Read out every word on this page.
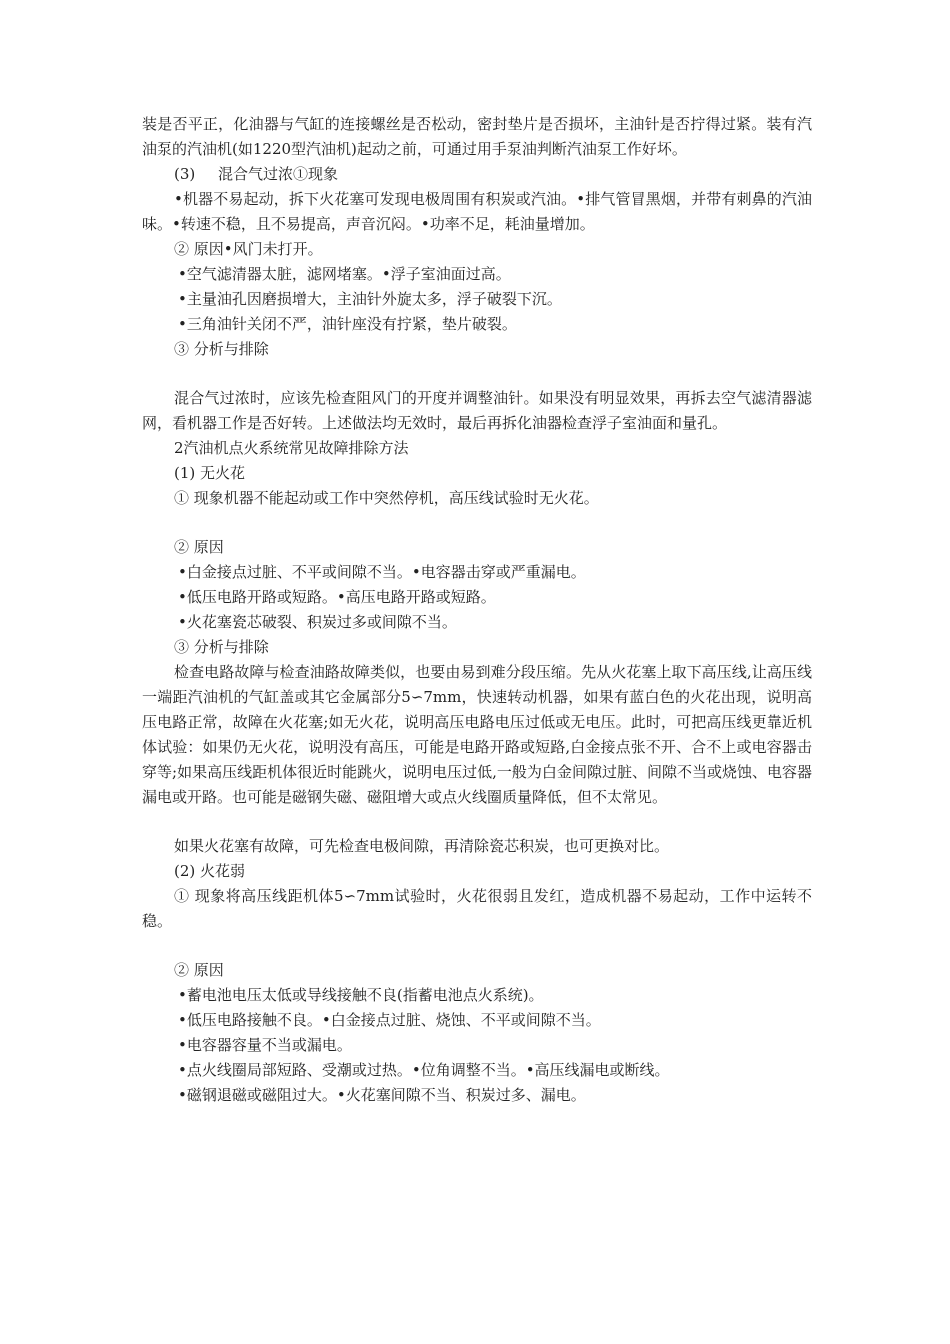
装是否平正，化油器与气缸的连接螺丝是否松动，密封垫片是否损坏，主油针是否拧得过紧。装有汽油泵的汽油机(如1220型汽油机)起动之前，可通过用手泵油判断汽油泵工作好坏。

(3) 混合气过浓①现象

•机器不易起动，拆下火花塞可发现电极周围有积炭或汽油。•排气管冒黑烟，并带有刺鼻的汽油味。•转速不稳，且不易提高，声音沉闷。•功率不足，耗油量增加。

② 原因•风门未打开。

•空气滤清器太脏，滤网堵塞。•浮子室油面过高。

•主量油孔因磨损增大，主油针外旋太多，浮子破裂下沉。

•三角油针关闭不严，油针座没有拧紧，垫片破裂。

③ 分析与排除

混合气过浓时，应该先检查阻风门的开度并调整油针。如果没有明显效果，再拆去空气滤清器滤网，看机器工作是否好转。上述做法均无效时，最后再拆化油器检查浮子室油面和量孔。

2汽油机点火系统常见故障排除方法

(1) 无火花

① 现象机器不能起动或工作中突然停机，高压线试验时无火花。

② 原因

•白金接点过脏、不平或间隙不当。•电容器击穿或严重漏电。

•低压电路开路或短路。•高压电路开路或短路。

•火花塞瓷芯破裂、积炭过多或间隙不当。

③ 分析与排除

检查电路故障与检查油路故障类似，也要由易到难分段压缩。先从火花塞上取下高压线,让高压线一端距汽油机的气缸盖或其它金属部分5∽7mm，快速转动机器，如果有蓝白色的火花出现，说明高压电路正常，故障在火花塞;如无火花，说明高压电路电压过低或无电压。此时，可把高压线更靠近机体试验：如果仍无火花，说明没有高压，可能是电路开路或短路,白金接点张不开、合不上或电容器击穿等;如果高压线距机体很近时能跳火，说明电压过低,一般为白金间隙过脏、间隙不当或烧蚀、电容器漏电或开路。也可能是磁钢失磁、磁阻增大或点火线圈质量降低，但不太常见。

如果火花塞有故障，可先检查电极间隙，再清除瓷芯积炭，也可更换对比。

(2) 火花弱

① 现象将高压线距机体5∽7mm试验时，火花很弱且发红，造成机器不易起动，工作中运转不稳。

② 原因

•蓄电池电压太低或导线接触不良(指蓄电池点火系统)。

•低压电路接触不良。•白金接点过脏、烧蚀、不平或间隙不当。

•电容器容量不当或漏电。

•点火线圈局部短路、受潮或过热。•位角调整不当。•高压线漏电或断线。

•磁钢退磁或磁阻过大。•火花塞间隙不当、积炭过多、漏电。
